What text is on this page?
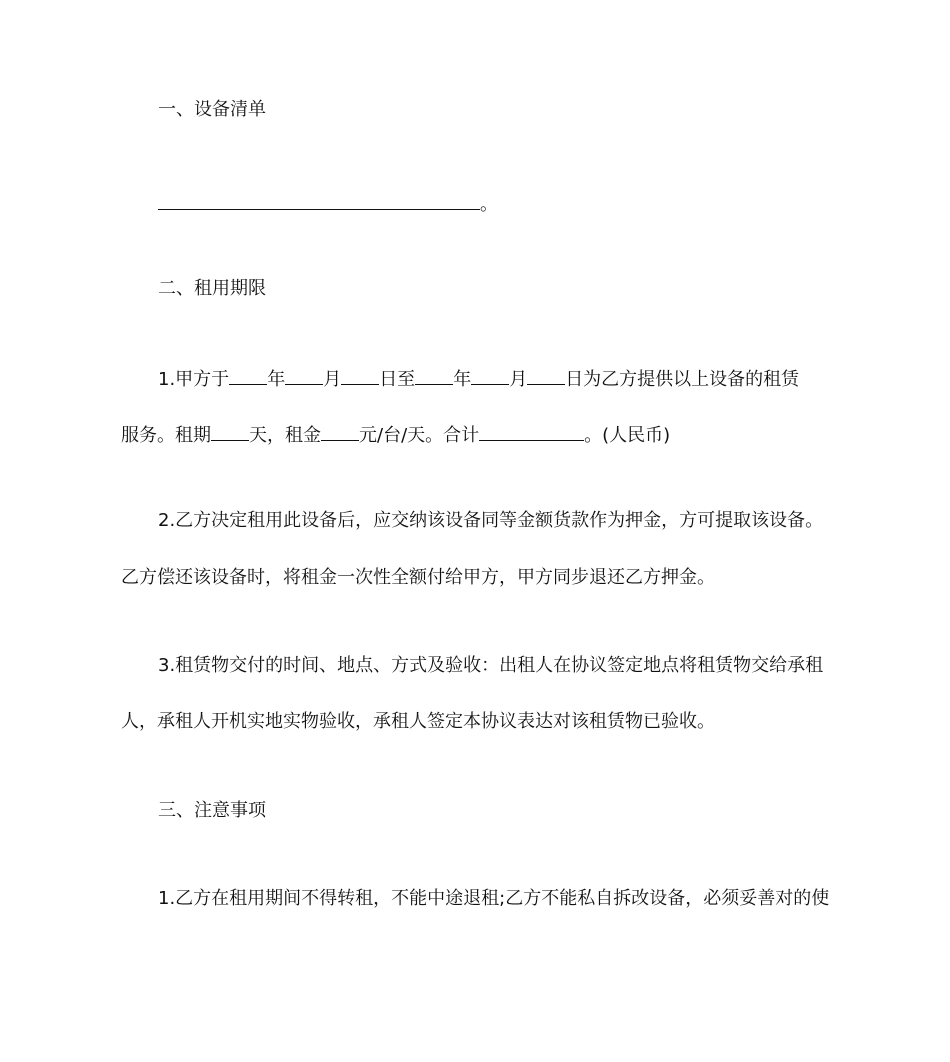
一、设备清单
。
二、租用期限
1.甲方于 年 月 日至 年 月 日为乙方提供以上设备的租赁
服务。租期 天，租金 元/台/天。合计	。(人民币)
2.乙方决定租用此设备后，应交纳该设备同等金额货款作为押金，方可提取该设备。
乙方偿还该设备时，将租金一次性全额付给甲方，甲方同步退还乙方押金。
3.租赁物交付的时间、地点、方式及验收：出租人在协议签定地点将租赁物交给承租
人，承租人开机实地实物验收，承租人签定本协议表达对该租赁物已验收。
三、注意事项
1.乙方在租用期间不得转租，不能中途退租;乙方不能私自拆改设备，必须妥善对的使
